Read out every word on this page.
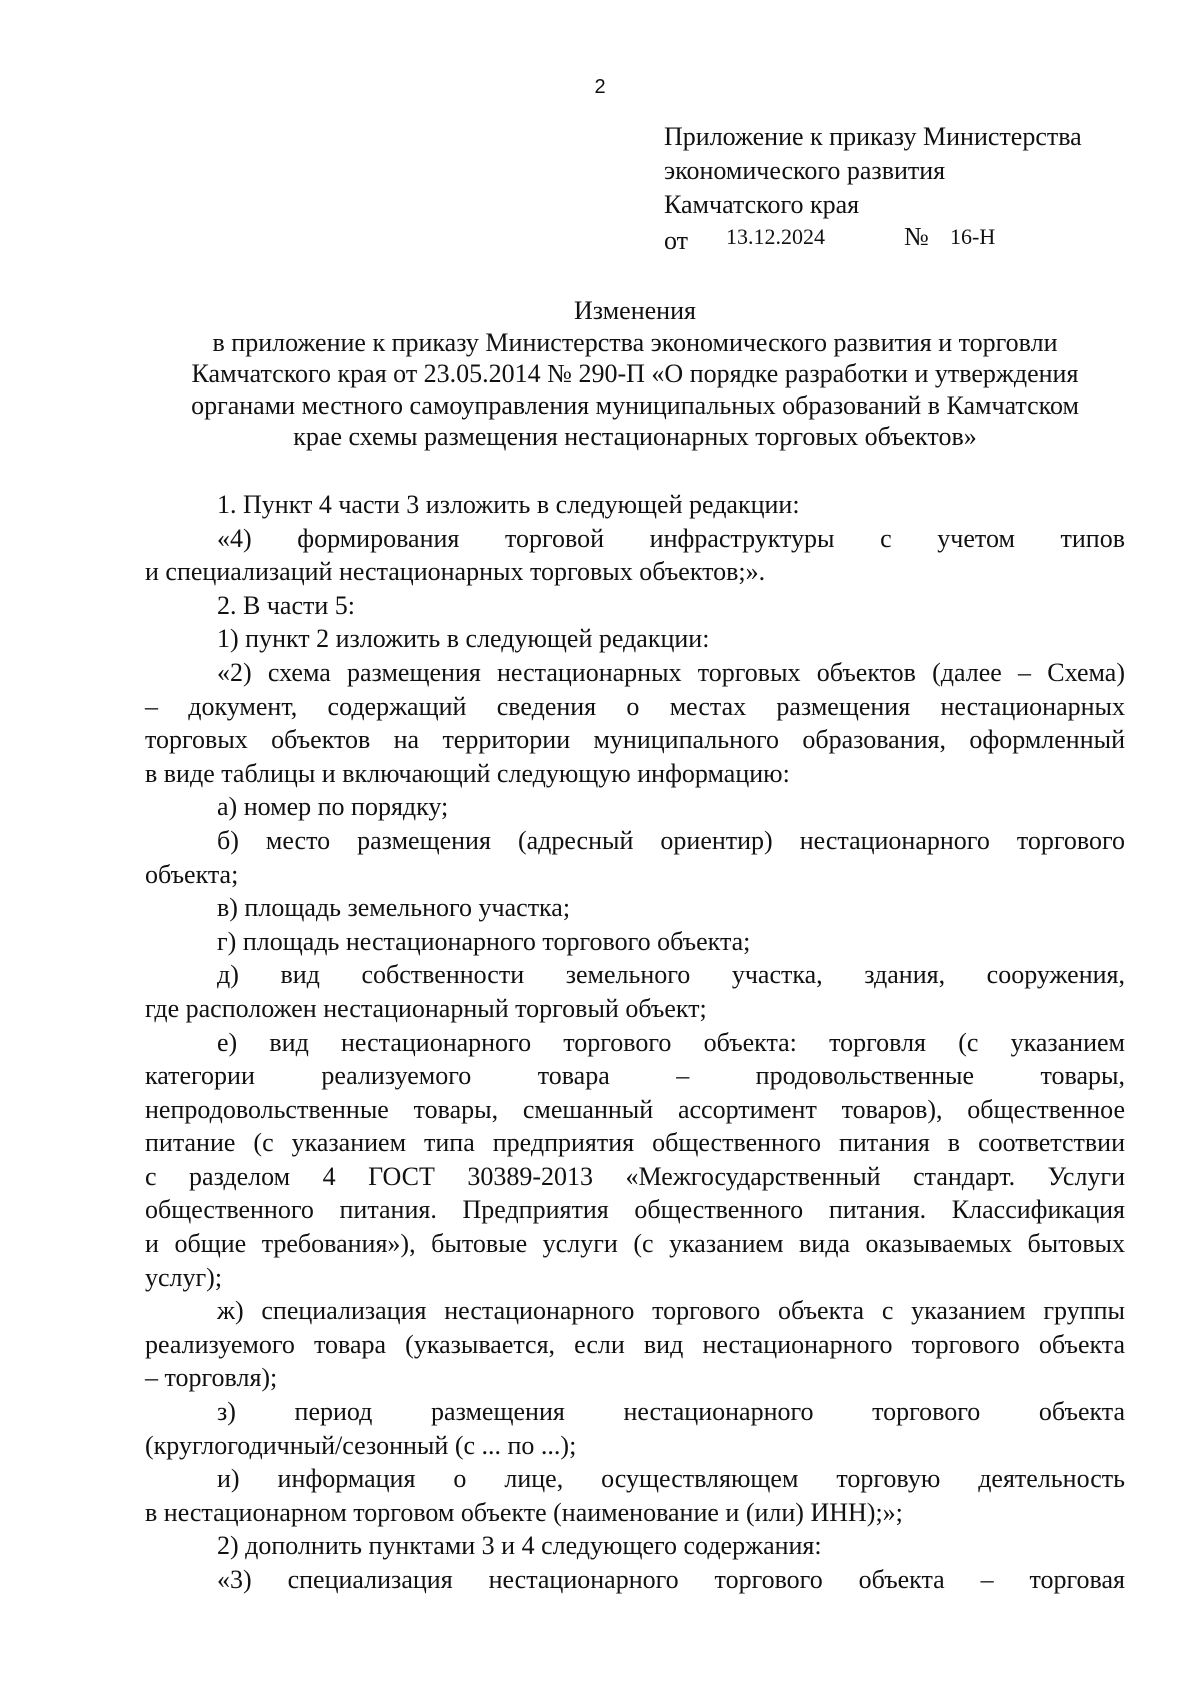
2
Приложение к приказу Министерства
экономического развития
Камчатского края
от 13.12.2024	№ 16-Н
Изменения
в приложение к приказу Министерства экономического развития и торговли
Камчатского края от 23.05.2014 № 290-П «О порядке разработки и утверждения
органами местного самоуправления муниципальных образований в Камчатском
крае схемы размещения нестационарных торговых объектов»
1. Пункт 4 части 3 изложить в следующей редакции:
«4) формирования торговой инфраструктуры с учетом типов
и специализаций нестационарных торговых объектов;».
2. В части 5:
1) пункт 2 изложить в следующей редакции:
«2) схема размещения нестационарных торговых объектов (далее – Схема)
– документ, содержащий сведения о местах размещения нестационарных
торговых объектов на территории муниципального образования, оформленный
в виде таблицы и включающий следующую информацию:
а) номер по порядку;
б) место размещения (адресный ориентир) нестационарного торгового
объекта;
в) площадь земельного участка;
г) площадь нестационарного торгового объекта;
д) вид собственности земельного участка, здания, сооружения,
где расположен нестационарный торговый объект;
е) вид нестационарного торгового объекта: торговля (с указанием
категории реализуемого товара – продовольственные товары,
непродовольственные товары, смешанный ассортимент товаров), общественное
питание (с указанием типа предприятия общественного питания в соответствии
с разделом 4 ГОСТ 30389-2013 «Межгосударственный стандарт. Услуги
общественного питания. Предприятия общественного питания. Классификация
и общие требования»), бытовые услуги (с указанием вида оказываемых бытовых
услуг);
ж) специализация нестационарного торгового объекта с указанием группы
реализуемого товара (указывается, если вид нестационарного торгового объекта
– торговля);
з) период размещения нестационарного торгового объекта
(круглогодичный/сезонный (с ... по ...);
и) информация о лице, осуществляющем торговую деятельность
в нестационарном торговом объекте (наименование и (или) ИНН);»;
2) дополнить пунктами 3 и 4 следующего содержания:
«3) специализация нестационарного торгового объекта – торговая
